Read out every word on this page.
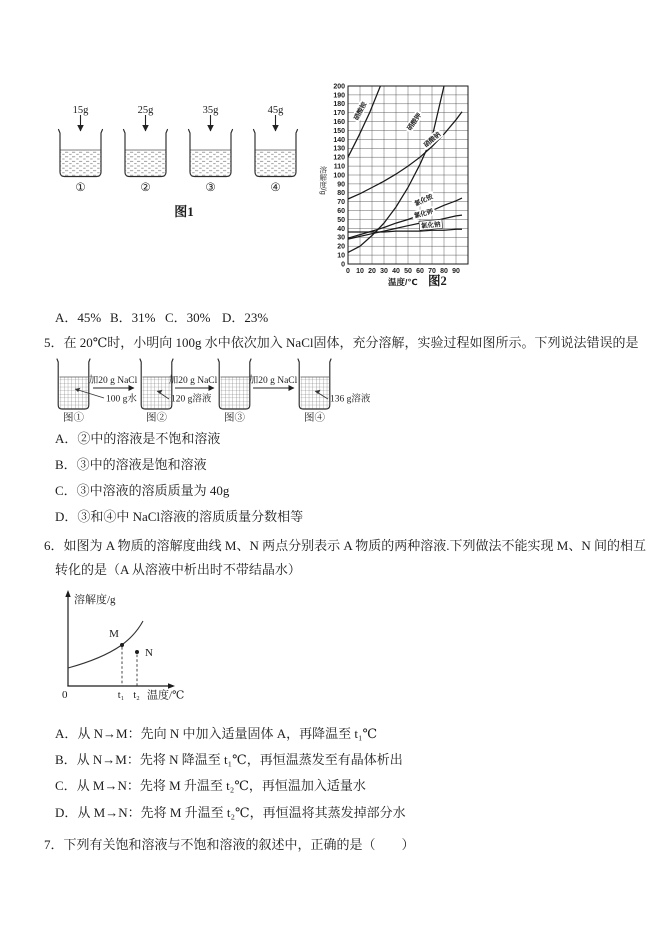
15g
①
25g
②
35g
③
45g
④
图1
0
10
20
30
40
50
60
70
80
90
100
110
120
130
140
150
160
170
180
190
200
0 10 20 30 40 50 60 70 80 90
硝酸铵
硝酸钾
硝酸钠
氯化铵
氯化钾
氯化钠
溶解度/g
温度/℃ 图2
A．45% B．31% C．30% D．23%
5．在 20℃时，小明向 100g 水中依次加入 NaCl固体，充分溶解，实验过程如图所示。下列说法错误的是
图①
加20 g NaCl
图②
加20 g NaCl
图③
加20 g NaCl
图④
100 g水	120 g溶液	136 g溶液
A．②中的溶液是不饱和溶液
B．③中的溶液是饱和溶液
C．③中溶液的溶质质量为 40g
D．③和④中 NaCl溶液的溶质质量分数相等
6．如图为 A 物质的溶解度曲线 M、N 两点分别表示 A 物质的两种溶液.下列做法不能实现 M、N 间的相互
转化的是（A 从溶液中析出时不带结晶水）
溶解度/g
M
N
0	t₁ t₂ 温度/℃
A．从 N→M：先向 N 中加入适量固体 A，再降温至 t₁℃
B．从 N→M：先将 N 降温至 t₁℃，再恒温蒸发至有晶体析出
C．从 M→N：先将 M 升温至 t₂℃，再恒温加入适量水
D．从 M→N：先将 M 升温至 t₂℃，再恒温将其蒸发掉部分水
7．下列有关饱和溶液与不饱和溶液的叙述中，正确的是（　　）
